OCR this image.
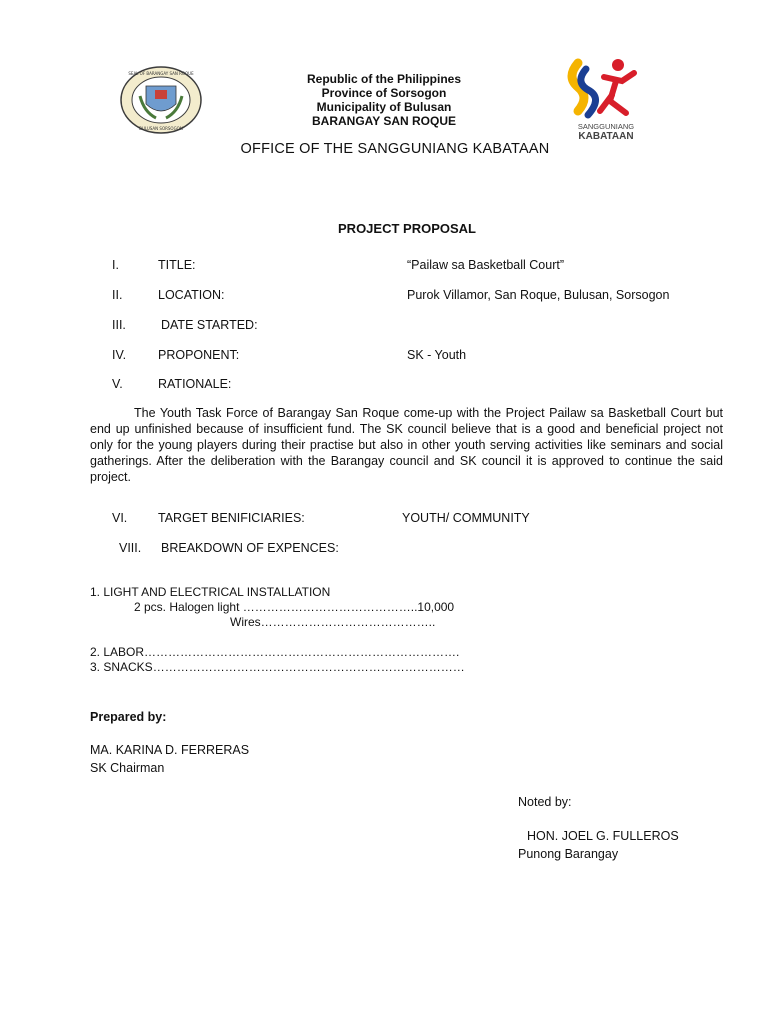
SEAL OF BARANGAY SAN ROQUE
BULUSAN SORSOGON	SANGGUNIANG
KABATAAN
Republic of the Philippines
Province of Sorsogon
Municipality of Bulusan
BARANGAY SAN ROQUE
OFFICE OF THE SANGGUNIANG KABATAAN
PROJECT PROPOSAL
I.	TITLE:	“Pailaw sa Basketball Court”
II.	LOCATION:	Purok Villamor, San Roque, Bulusan, Sorsogon
III.	DATE STARTED:
IV.	PROPONENT:	SK - Youth
V.	RATIONALE:
The Youth Task Force of Barangay San Roque come-up with the Project Pailaw sa Basketball Court but end up unfinished because of insufficient fund. The SK council believe that is a good and beneficial project not only for the young players during their practise but also in other youth serving activities like seminars and social gatherings. After the deliberation with the Barangay council and SK council it is approved to continue the said project.
VI. TARGET BENIFICIARIES:	YOUTH/ COMMUNITY
VIII. BREAKDOWN OF EXPENCES:
1. LIGHT AND ELECTRICAL INSTALLATION
2 pcs. Halogen light ……………………………………..10,000
Wires……………………………………..
2. LABOR…………………………………………………………………….
3. SNACKS……………………………………………………………………
Prepared by:
MA. KARINA D. FERRERAS
SK Chairman
Noted by:
HON. JOEL G. FULLEROS
Punong Barangay
